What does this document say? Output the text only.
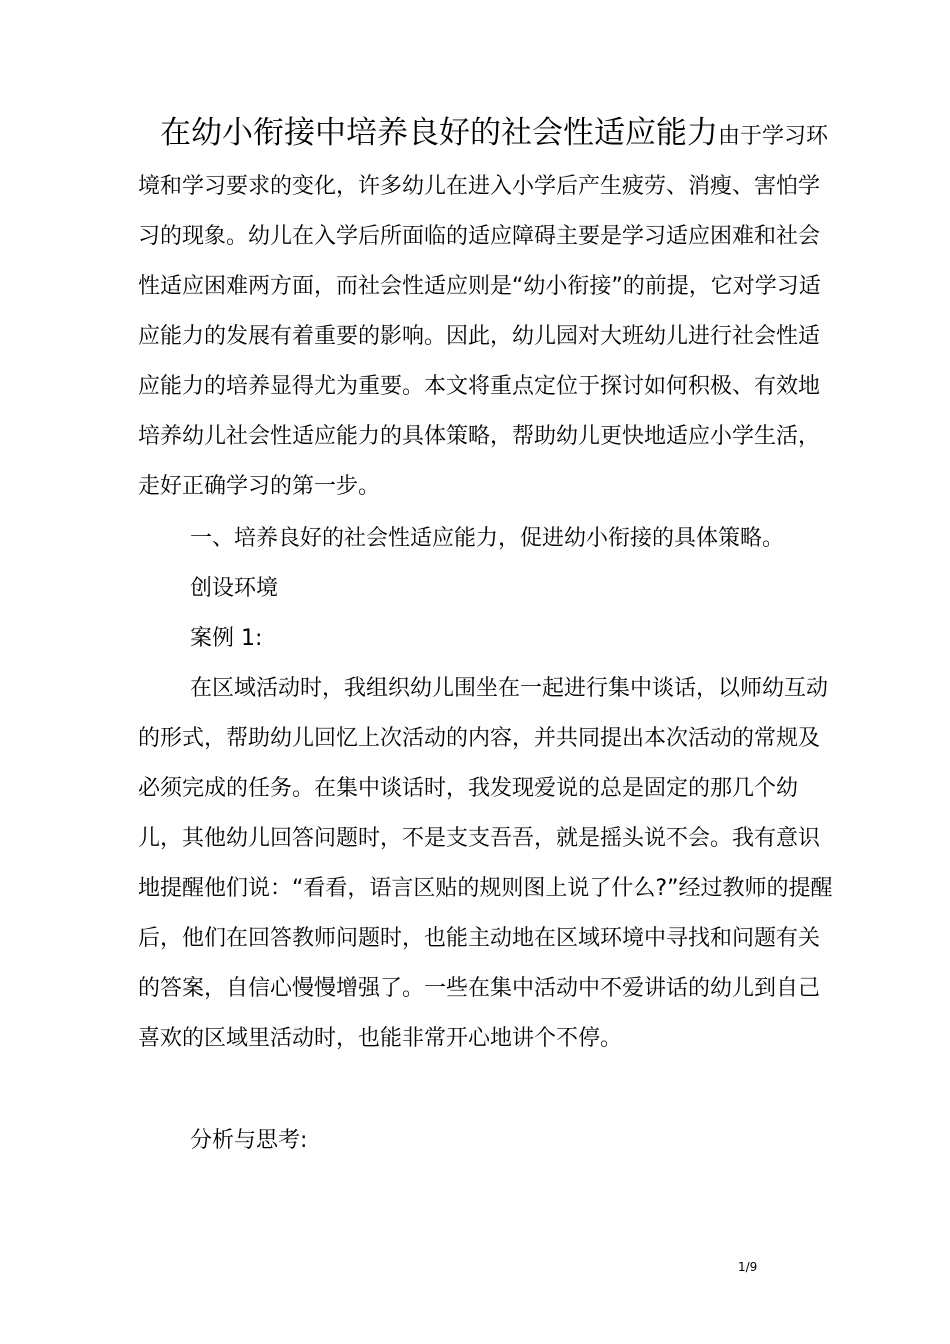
在幼小衔接中培养良好的社会性适应能力由于学习环境和学习要求的变化，许多幼儿在进入小学后产生疲劳、消瘦、害怕学习的现象。幼儿在入学后所面临的适应障碍主要是学习适应困难和社会性适应困难两方面，而社会性适应则是“幼小衔接”的前提，它对学习适应能力的发展有着重要的影响。因此，幼儿园对大班幼儿进行社会性适应能力的培养显得尤为重要。本文将重点定位于探讨如何积极、有效地培养幼儿社会性适应能力的具体策略，帮助幼儿更快地适应小学生活，走好正确学习的第一步。

一、培养良好的社会性适应能力，促进幼小衔接的具体策略。

创设环境

案例 1:

在区域活动时，我组织幼儿围坐在一起进行集中谈话，以师幼互动的形式，帮助幼儿回忆上次活动的内容，并共同提出本次活动的常规及必须完成的任务。在集中谈话时，我发现爱说的总是固定的那几个幼儿，其他幼儿回答问题时，不是支支吾吾，就是摇头说不会。我有意识地提醒他们说：“看看，语言区贴的规则图上说了什么?”经过教师的提醒后，他们在回答教师问题时，也能主动地在区域环境中寻找和问题有关的答案，自信心慢慢增强了。一些在集中活动中不爱讲话的幼儿到自己喜欢的区域里活动时，也能非常开心地讲个不停。

分析与思考:

1/9
